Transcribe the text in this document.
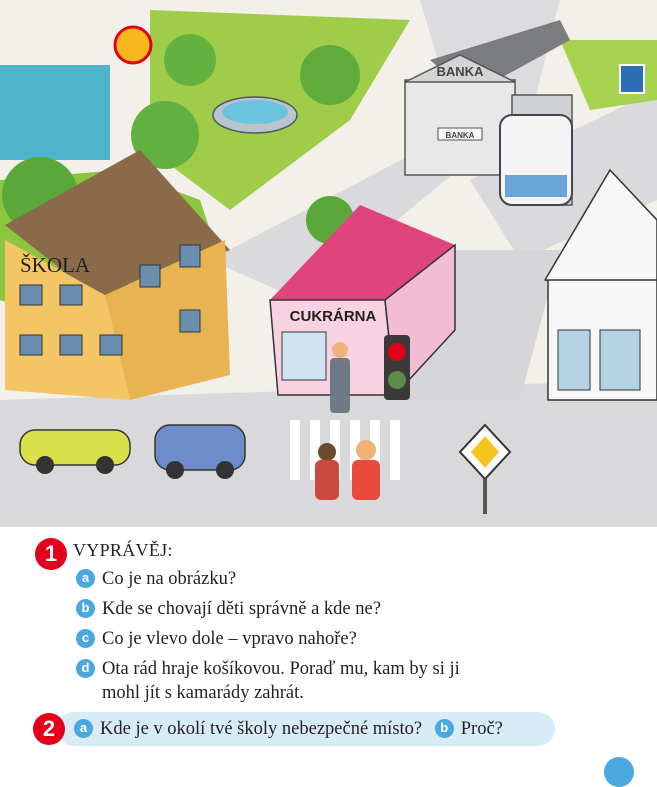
BANKA
BANKA
ŠKOLA
CUKRÁRNA
1 VYPRÁVĚJ:
a Co je na obrázku?
b Kde se chovají děti správně a kde ne?
c Co je vlevo dole – vpravo nahoře?
d Ota rád hraje košíkovou. Poraď mu, kam by si ji
mohl jít s kamarády zahrát.
2	a Kde je v okolí tvé školy nebezpečné místo? b Proč?
